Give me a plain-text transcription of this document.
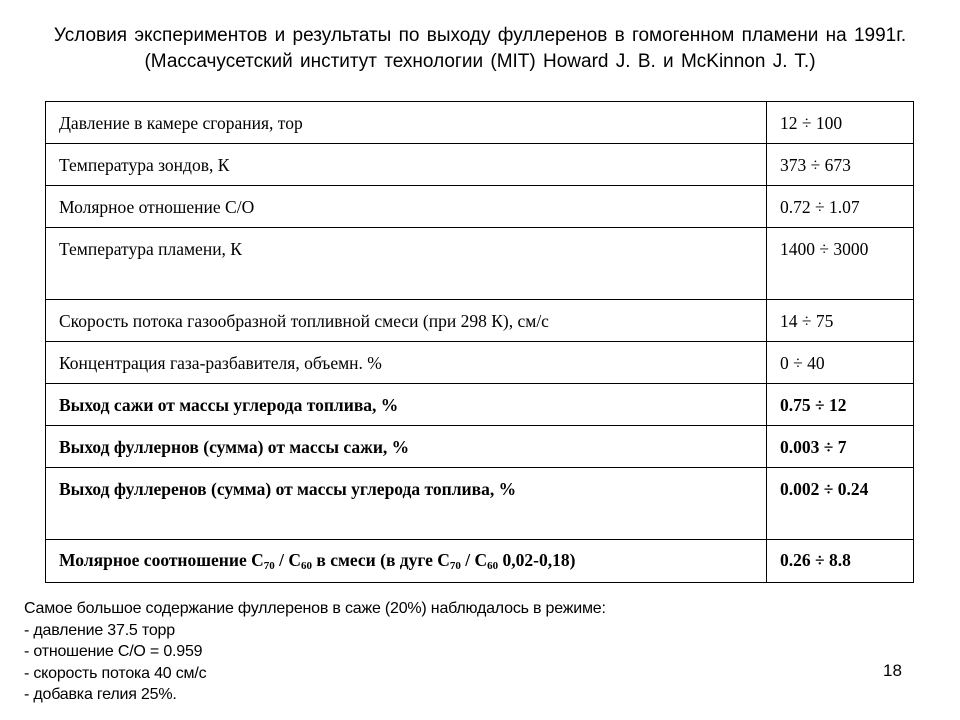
Условия экспериментов и результаты по выходу фуллеренов в гомогенном пламени на 1991г.
(Массачусетский институт технологии (MIT) Howard J. B. и McKinnon J. T.)
Давление в камере сгорания, тор	12 ÷ 100
Температура зондов, К	373 ÷ 673
Молярное отношение С/О	0.72 ÷ 1.07
Температура пламени, К	1400 ÷ 3000
Скорость потока газообразной топливной смеси (при 298 К), см/с	14 ÷ 75
Концентрация газа-разбавителя, объемн. %	0 ÷ 40
Выход сажи от массы углерода топлива, %	0.75 ÷ 12
Выход фуллернов (сумма) от массы сажи, %	0.003 ÷ 7
Выход фуллеренов (сумма) от массы углерода топлива, %	0.002 ÷ 0.24
Молярное соотношение $С_{70} / С_{60}$ в смеси (в дуге $С_{70} / С_{60}$ 0,02-0,18)	0.26 ÷ 8.8
Самое большое содержание фуллеренов в саже (20%) наблюдалось в режиме:
- давление 37.5 торр
- отношение С/О = 0.959
- скорость потока 40 см/с
- добавка гелия 25%.
18
